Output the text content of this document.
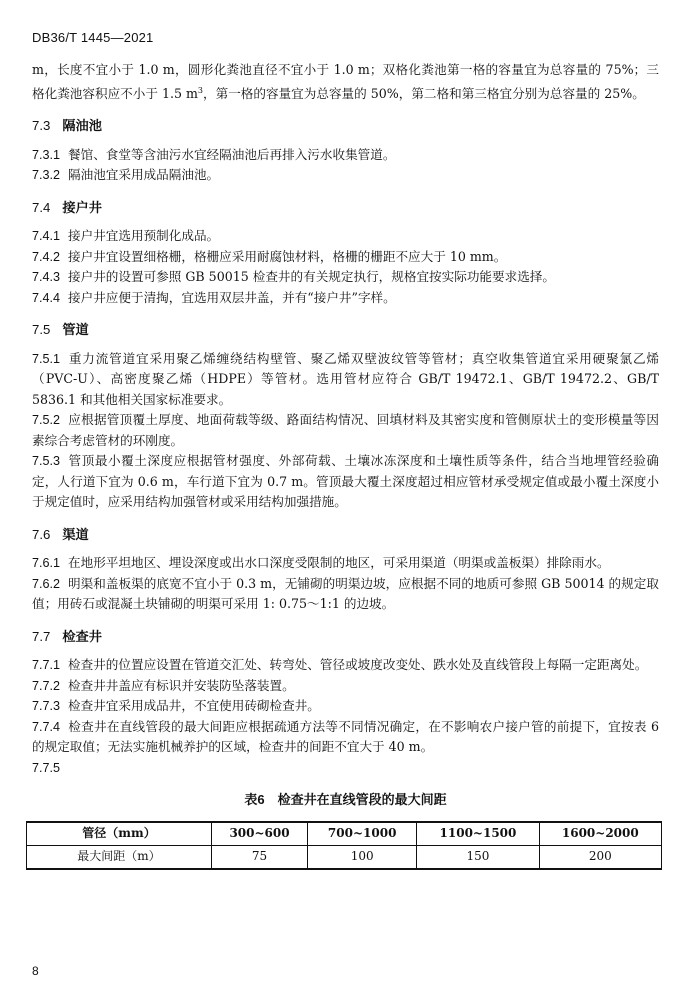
DB36/T 1445—2021

m，长度不宜小于 1.0 m，圆形化粪池直径不宜小于 1.0 m；双格化粪池第一格的容量宜为总容量的 75%；三格化粪池容积应不小于 1.5 $m^3$，第一格的容量宜为总容量的 50%，第二格和第三格宜分别为总容量的 25%。

7.3 隔油池

7.3.1 餐馆、食堂等含油污水宜经隔油池后再排入污水收集管道。

7.3.2 隔油池宜采用成品隔油池。

7.4 接户井

7.4.1 接户井宜选用预制化成品。

7.4.2 接户井宜设置细格栅，格栅应采用耐腐蚀材料，格栅的栅距不应大于 10 mm。

7.4.3 接户井的设置可参照 GB 50015 检查井的有关规定执行，规格宜按实际功能要求选择。

7.4.4 接户井应便于清掏，宜选用双层井盖，并有“接户井”字样。

7.5 管道

7.5.1 重力流管道宜采用聚乙烯缠绕结构壁管、聚乙烯双壁波纹管等管材；真空收集管道宜采用硬聚氯乙烯（PVC-U）、高密度聚乙烯（HDPE）等管材。选用管材应符合 GB/T 19472.1、GB/T 19472.2、GB/T 5836.1 和其他相关国家标准要求。

7.5.2 应根据管顶覆土厚度、地面荷载等级、路面结构情况、回填材料及其密实度和管侧原状土的变形模量等因素综合考虑管材的环刚度。

7.5.3 管顶最小覆土深度应根据管材强度、外部荷载、土壤冰冻深度和土壤性质等条件，结合当地埋管经验确定，人行道下宜为 0.6 m，车行道下宜为 0.7 m。管顶最大覆土深度超过相应管材承受规定值或最小覆土深度小于规定值时，应采用结构加强管材或采用结构加强措施。

7.6 渠道

7.6.1 在地形平坦地区、埋设深度或出水口深度受限制的地区，可采用渠道（明渠或盖板渠）排除雨水。

7.6.2 明渠和盖板渠的底宽不宜小于 0.3 m，无铺砌的明渠边坡，应根据不同的地质可参照 GB 50014 的规定取值；用砖石或混凝土块铺砌的明渠可采用 1: 0.75～1:1 的边坡。

7.7 检查井

7.7.1 检查井的位置应设置在管道交汇处、转弯处、管径或坡度改变处、跌水处及直线管段上每隔一定距离处。

7.7.2 检查井井盖应有标识并安装防坠落装置。

7.7.3 检查井宜采用成品井，不宜使用砖砌检查井。

7.7.4 检查井在直线管段的最大间距应根据疏通方法等不同情况确定，在不影响农户接户管的前提下，宜按表 6 的规定取值；无法实施机械养护的区域，检查井的间距不宜大于 40 m。

7.7.5

表6　检查井在直线管段的最大间距
管径（mm）	300~600	700~1000	1100~1500	1600~2000
最大间距（m）	75	100	150	200
8
